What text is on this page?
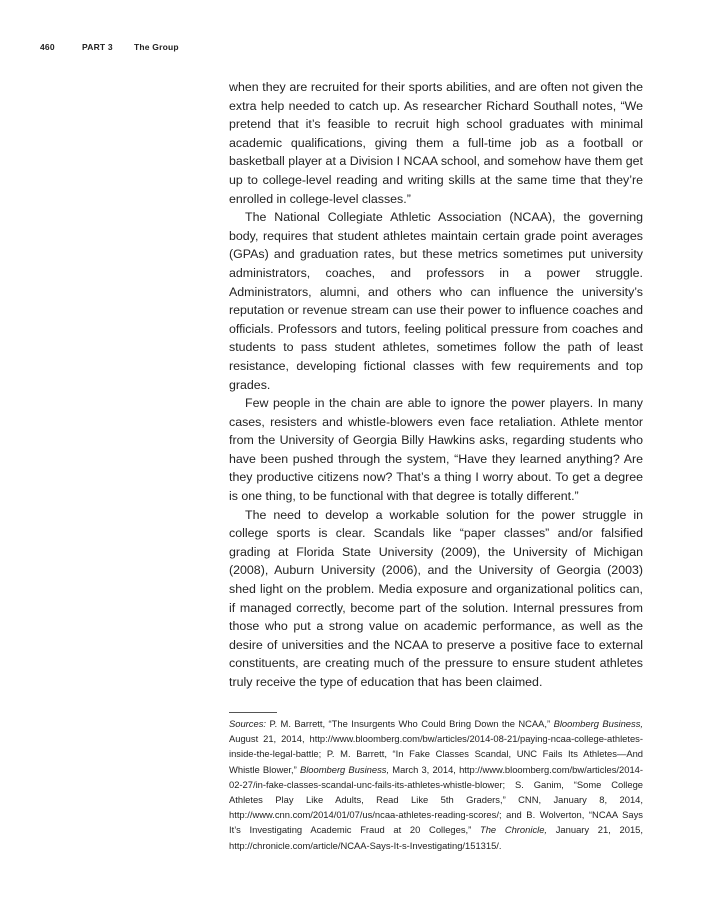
460	PART 3	The Group

when they are recruited for their sports abilities, and are often not given the extra help needed to catch up. As researcher Richard Southall notes, “We pretend that it’s feasible to recruit high school graduates with minimal academic qualifications, giving them a full-time job as a football or basketball player at a Division I NCAA school, and somehow have them get up to college-level reading and writing skills at the same time that they’re enrolled in college-level classes.”

The National Collegiate Athletic Association (NCAA), the governing body, requires that student athletes maintain certain grade point averages (GPAs) and graduation rates, but these metrics sometimes put university administrators, coaches, and professors in a power struggle. Administrators, alumni, and others who can influence the university’s reputation or revenue stream can use their power to influence coaches and officials. Professors and tutors, feeling political pressure from coaches and students to pass student athletes, sometimes follow the path of least resistance, developing fictional classes with few requirements and top grades.

Few people in the chain are able to ignore the power players. In many cases, resisters and whistle-blowers even face retaliation. Athlete mentor from the University of Georgia Billy Hawkins asks, regarding students who have been pushed through the system, “Have they learned anything? Are they productive citizens now? That’s a thing I worry about. To get a degree is one thing, to be functional with that degree is totally different.”

The need to develop a workable solution for the power struggle in college sports is clear. Scandals like “paper classes” and/or falsified grading at Florida State University (2009), the University of Michigan (2008), Auburn University (2006), and the University of Georgia (2003) shed light on the problem. Media exposure and organizational politics can, if managed correctly, become part of the solution. Internal pressures from those who put a strong value on academic performance, as well as the desire of universities and the NCAA to preserve a positive face to external constituents, are creating much of the pressure to ensure student athletes truly receive the type of education that has been claimed.

Sources: P. M. Barrett, “The Insurgents Who Could Bring Down the NCAA,” Bloomberg Business, August 21, 2014, http://www.bloomberg.com/bw/articles/2014-08-21/paying-ncaa-college-athletes-inside-the-legal-battle; P. M. Barrett, “In Fake Classes Scandal, UNC Fails Its Athletes—And Whistle Blower,” Bloomberg Business, March 3, 2014, http://www.bloomberg.com/bw/articles/2014-02-27/in-fake-classes-scandal-unc-fails-its-athletes-whistle-blower; S. Ganim, “Some College Athletes Play Like Adults, Read Like 5th Graders,” CNN, January 8, 2014, http://www.cnn.com/2014/01/07/us/ncaa-athletes-reading-scores/; and B. Wolverton, “NCAA Says It’s Investigating Academic Fraud at 20 Colleges,” The Chronicle, January 21, 2015, http://chronicle.com/article/NCAA-Says-It-s-Investigating/151315/.
